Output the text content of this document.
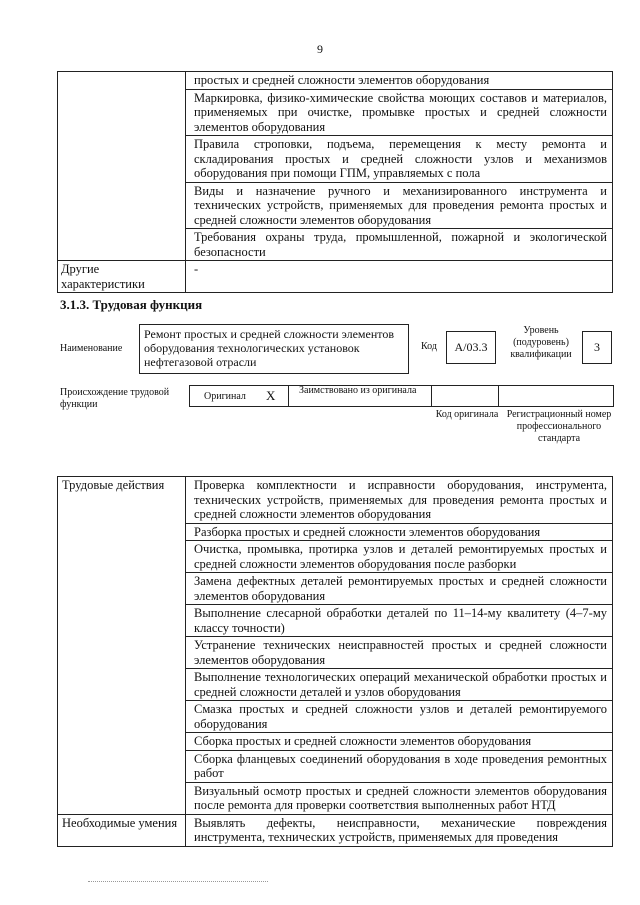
9

	простых и средней сложности элементов оборудования

	Маркировка, физико-химические свойства моющих составов и материалов, применяемых при очистке, промывке простых и средней сложности элементов оборудования

	Правила строповки, подъема, перемещения к месту ремонта и складирования простых и средней сложности узлов и механизмов оборудования при помощи ГПМ, управляемых с пола

	Виды и назначение ручного и механизированного инструмента и технических устройств, применяемых для проведения ремонта простых и средней сложности элементов оборудования

	Требования охраны труда, промышленной, пожарной и экологической безопасности

Другие характеристики	-
3.1.3. Трудовая функция
Наименование
Ремонт простых и средней сложности элементов оборудования технологических установок нефтегазовой отрасли
Код	А/03.3
Уровень (подуровень) квалификации
3
Происхождение трудовой функции
Оригинал X Заимствовано из оригинала
Код оригинала Регистрационный номер профессионального стандарта
Трудовые действия	Проверка комплектности и исправности оборудования, инструмента, технических устройств, применяемых для проведения ремонта простых и средней сложности элементов оборудования

	Разборка простых и средней сложности элементов оборудования

	Очистка, промывка, протирка узлов и деталей ремонтируемых простых и средней сложности элементов оборудования после разборки

	Замена дефектных деталей ремонтируемых простых и средней сложности элементов оборудования

	Выполнение слесарной обработки деталей по 11–14-му квалитету (4–7-му классу точности)

	Устранение технических неисправностей простых и средней сложности элементов оборудования

	Выполнение технологических операций механической обработки простых и средней сложности деталей и узлов оборудования

	Смазка простых и средней сложности узлов и деталей ремонтируемого оборудования

	Сборка простых и средней сложности элементов оборудования

	Сборка фланцевых соединений оборудования в ходе проведения ремонтных работ

	Визуальный осмотр простых и средней сложности элементов оборудования после ремонта для проверки соответствия выполненных работ НТД

Необходимые умения	Выявлять дефекты, неисправности, механические повреждения инструмента, технических устройств, применяемых для проведения
